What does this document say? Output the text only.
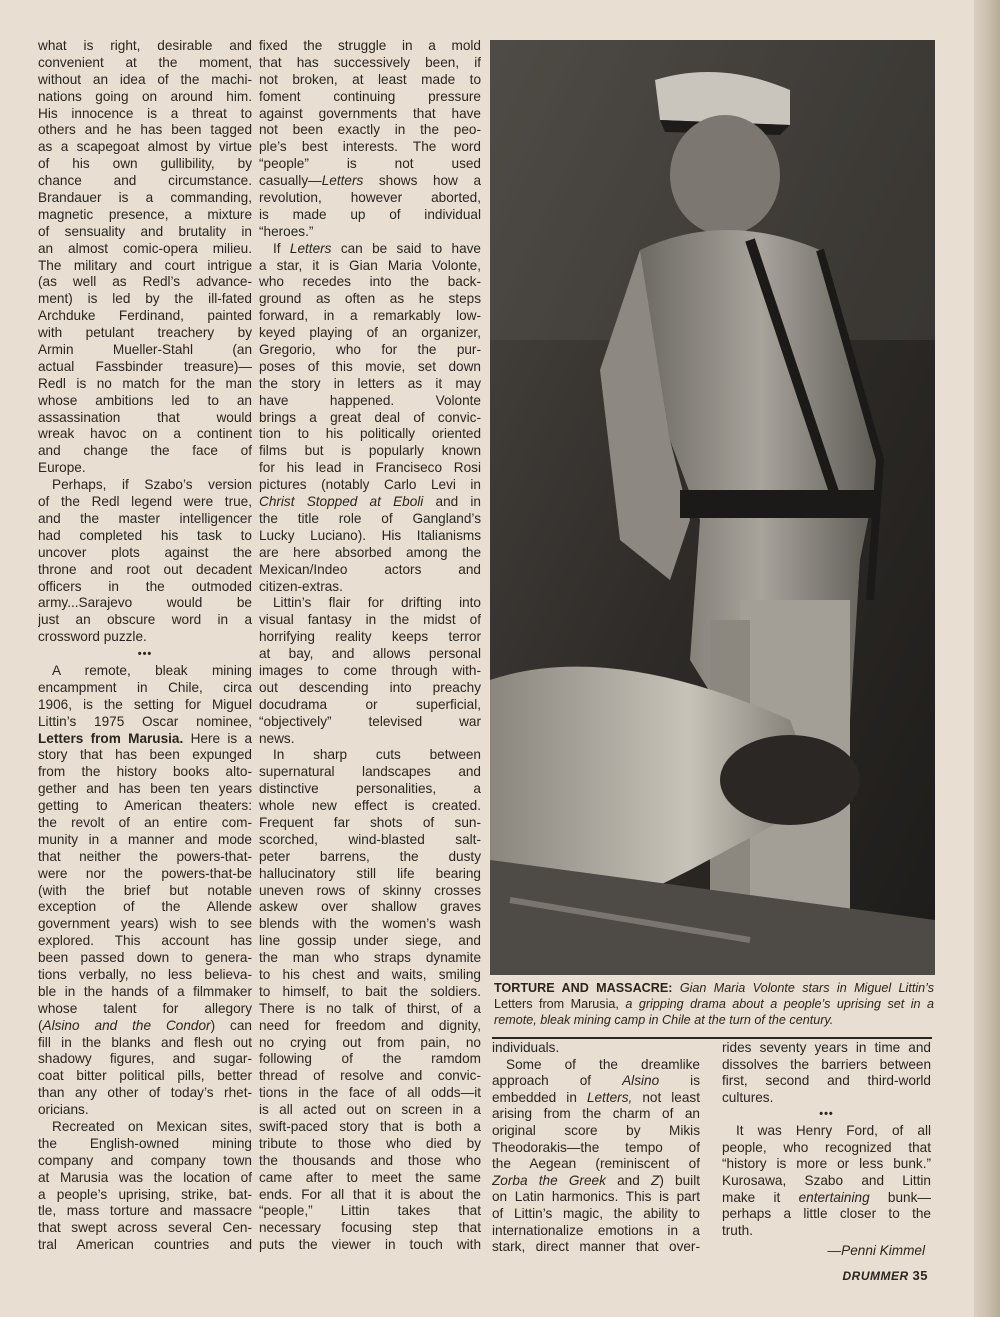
what is right, desirable and
convenient at the moment,
without an idea of the machi-
nations going on around him.
His innocence is a threat to
others and he has been tagged
as a scapegoat almost by virtue
of his own gullibility, by
chance and circumstance.
Brandauer is a commanding,
magnetic presence, a mixture
of sensuality and brutality in
an almost comic-opera milieu.
The military and court intrigue
(as well as Redl’s advance-
ment) is led by the ill-fated
Archduke Ferdinand, painted
with petulant treachery by
Armin Mueller-Stahl (an
actual Fassbinder treasure)—
Redl is no match for the man
whose ambitions led to an
assassination that would
wreak havoc on a continent
and change the face of
Europe.
Perhaps, if Szabo’s version
of the Redl legend were true,
and the master intelligencer
had completed his task to
uncover plots against the
throne and root out decadent
officers in the outmoded
army...Sarajevo would be
just an obscure word in a
crossword puzzle.
•••
A remote, bleak mining
encampment in Chile, circa
1906, is the setting for Miguel
Littin’s 1975 Oscar nominee,
Letters from Marusia. Here is a
story that has been expunged
from the history books alto-
gether and has been ten years
getting to American theaters:
the revolt of an entire com-
munity in a manner and mode
that neither the powers-that-
were nor the powers-that-be
(with the brief but notable
exception of the Allende
government years) wish to see
explored. This account has
been passed down to genera-
tions verbally, no less believa-
ble in the hands of a filmmaker
whose talent for allegory
(Alsino and the Condor) can
fill in the blanks and flesh out
shadowy figures, and sugar-
coat bitter political pills, better
than any other of today’s rhet-
oricians.
Recreated on Mexican sites,
the English-owned mining
company and company town
at Marusia was the location of
a people’s uprising, strike, bat-
tle, mass torture and massacre
that swept across several Cen-
tral American countries and
fixed the struggle in a mold
that has successively been, if
not broken, at least made to
foment continuing pressure
against governments that have
not been exactly in the peo-
ple’s best interests. The word
“people” is not used
casually—Letters shows how a
revolution, however aborted,
is made up of individual
“heroes.”
If Letters can be said to have
a star, it is Gian Maria Volonte,
who recedes into the back-
ground as often as he steps
forward, in a remarkably low-
keyed playing of an organizer,
Gregorio, who for the pur-
poses of this movie, set down
the story in letters as it may
have happened. Volonte
brings a great deal of convic-
tion to his politically oriented
films but is popularly known
for his lead in Franciseco Rosi
pictures (notably Carlo Levi in
Christ Stopped at Eboli and in
the title role of Gangland’s
Lucky Luciano). His Italianisms
are here absorbed among the
Mexican/Indeo actors and
citizen-extras.
Littin’s flair for drifting into
visual fantasy in the midst of
horrifying reality keeps terror
at bay, and allows personal
images to come through with-
out descending into preachy
docudrama or superficial,
“objectively” televised war
news.
In sharp cuts between
supernatural landscapes and
distinctive personalities, a
whole new effect is created.
Frequent far shots of sun-
scorched, wind-blasted salt-
peter barrens, the dusty
hallucinatory still life bearing
uneven rows of skinny crosses
askew over shallow graves
blends with the women’s wash
line gossip under siege, and
the man who straps dynamite
to his chest and waits, smiling
to himself, to bait the soldiers.
There is no talk of thirst, of a
need for freedom and dignity,
no crying out from pain, no
following of the ramdom
thread of resolve and convic-
tions in the face of all odds—it
is all acted out on screen in a
swift-paced story that is both a
tribute to those who died by
the thousands and those who
came after to meet the same
ends. For all that it is about the
“people,” Littin takes that
necessary focusing step that
puts the viewer in touch with
TORTURE AND MASSACRE: Gian Maria Volonte stars in Miguel Littin’s
Letters from Marusia, a gripping drama about a people’s uprising set in a
remote, bleak mining camp in Chile at the turn of the century.
individuals.
Some of the dreamlike
approach of Alsino is
embedded in Letters, not least
arising from the charm of an
original score by Mikis
Theodorakis—the tempo of
the Aegean (reminiscent of
Zorba the Greek and Z) built
on Latin harmonics. This is part
of Littin’s magic, the ability to
internationalize emotions in a
stark, direct manner that over-
rides seventy years in time and
dissolves the barriers between
first, second and third-world
cultures.
•••
It was Henry Ford, of all
people, who recognized that
“history is more or less bunk.”
Kurosawa, Szabo and Littin
make it entertaining bunk—
perhaps a little closer to the
truth.
—Penni Kimmel
DRUMMER 35
